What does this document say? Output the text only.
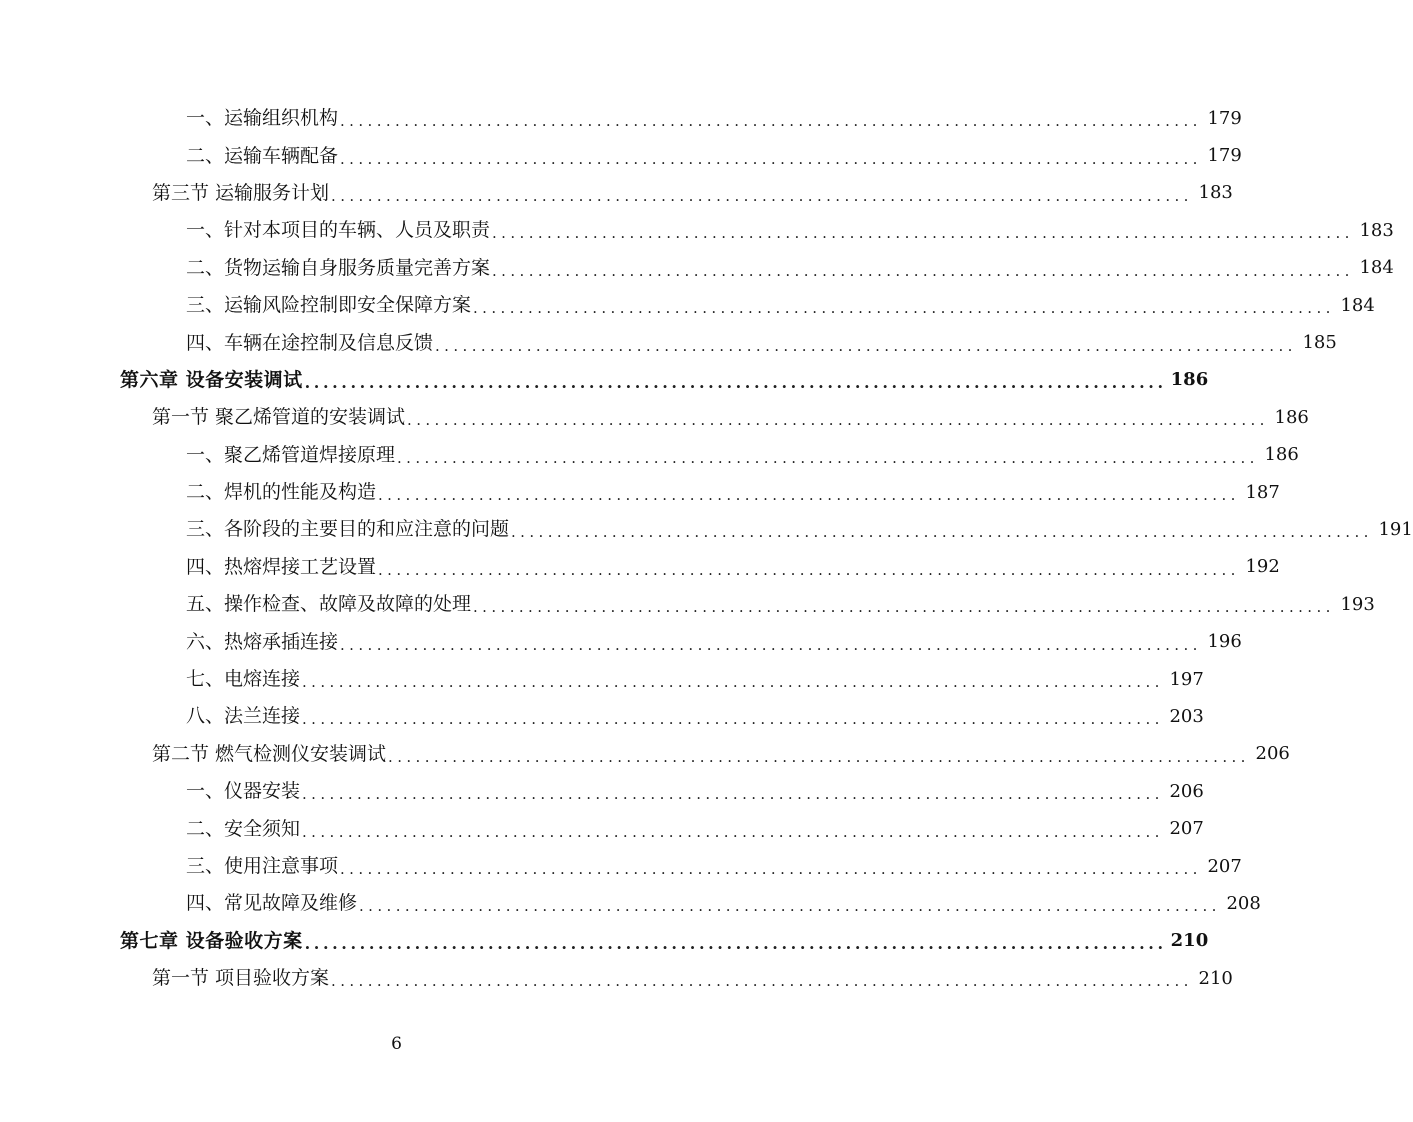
一、运输组织机构 .............................................................................................. 179
二、运输车辆配备 .............................................................................................. 179
第三节 运输服务计划 .............................................................................................. 183
一、针对本项目的车辆、人员及职责 .............................................................................................. 183
二、货物运输自身服务质量完善方案 .............................................................................................. 184
三、运输风险控制即安全保障方案 .............................................................................................. 184
四、车辆在途控制及信息反馈 .............................................................................................. 185
第六章 设备安装调试 .............................................................................................. 186
第一节 聚乙烯管道的安装调试 .............................................................................................. 186
一、聚乙烯管道焊接原理 .............................................................................................. 186
二、焊机的性能及构造 .............................................................................................. 187
三、各阶段的主要目的和应注意的问题 .............................................................................................. 191
四、热熔焊接工艺设置 .............................................................................................. 192
五、操作检查、故障及故障的处理 .............................................................................................. 193
六、热熔承插连接 .............................................................................................. 196
七、电熔连接 .............................................................................................. 197
八、法兰连接 .............................................................................................. 203
第二节 燃气检测仪安装调试 .............................................................................................. 206
一、仪器安装 .............................................................................................. 206
二、安全须知 .............................................................................................. 207
三、使用注意事项 .............................................................................................. 207
四、常见故障及维修 .............................................................................................. 208
第七章 设备验收方案 .............................................................................................. 210
第一节 项目验收方案 .............................................................................................. 210
6
